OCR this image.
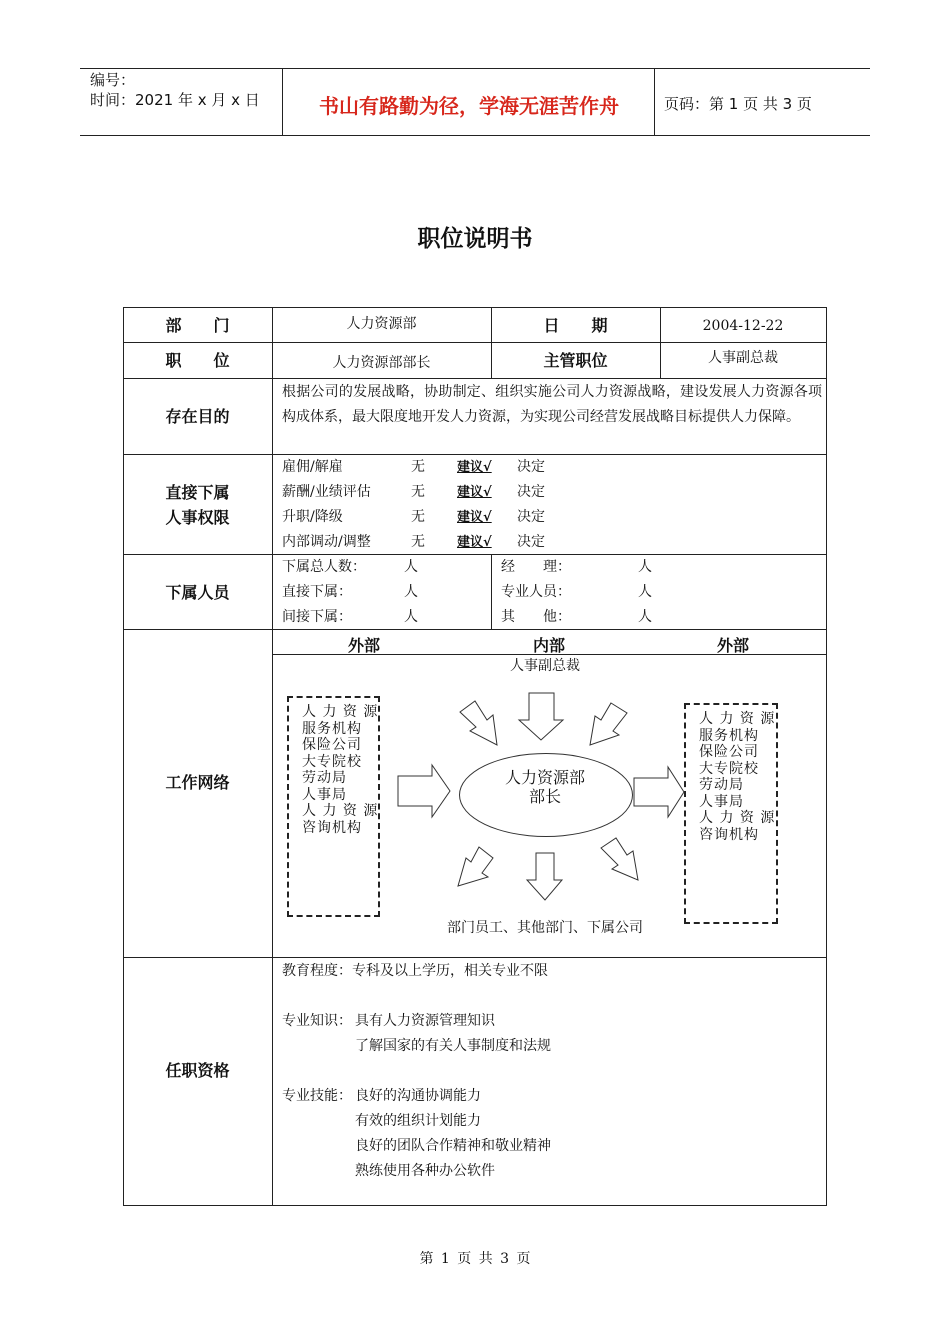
编号：
时间：2021 年 x 月 x 日	书山有路勤为径，学海无涯苦作舟	页码：第 1 页 共 3 页
职位说明书
部　　门	人力资源部	日　　期	2004-12-22
职　　位	人力资源部部长	主管职位	人事副总裁
存在目的
根据公司的发展战略，协助制定、组织实施公司人力资源战略，建设发展人力资源各项构成体系，最大限度地开发人力资源，为实现公司经营发展战略目标提供人力保障。
直接下属
人事权限
雇佣/解雇	无 建议√ 决定
薪酬/业绩评估	无 建议√ 决定
升职/降级	无 建议√ 决定
内部调动/调整	无 建议√ 决定
下属人员
下属总人数：	人	经　　理：	人
直接下属：	人	专业人员：	人
间接下属：	人	其　　他：	人
工作网络
外部	内部	外部
人事副总裁
人 力 资 源
服务机构
保险公司
大专院校
劳动局
人事局
人 力 资 源
咨询机构
人 力 资 源
服务机构
保险公司
大专院校
劳动局
人事局
人 力 资 源
咨询机构
人力资源部
部长
部门员工、其他部门、下属公司
任职资格
教育程度：专科及以上学历，相关专业不限
专业知识： 具有人力资源管理知识
了解国家的有关人事制度和法规
专业技能： 良好的沟通协调能力
有效的组织计划能力
良好的团队合作精神和敬业精神
熟练使用各种办公软件
第 1 页 共 3 页
